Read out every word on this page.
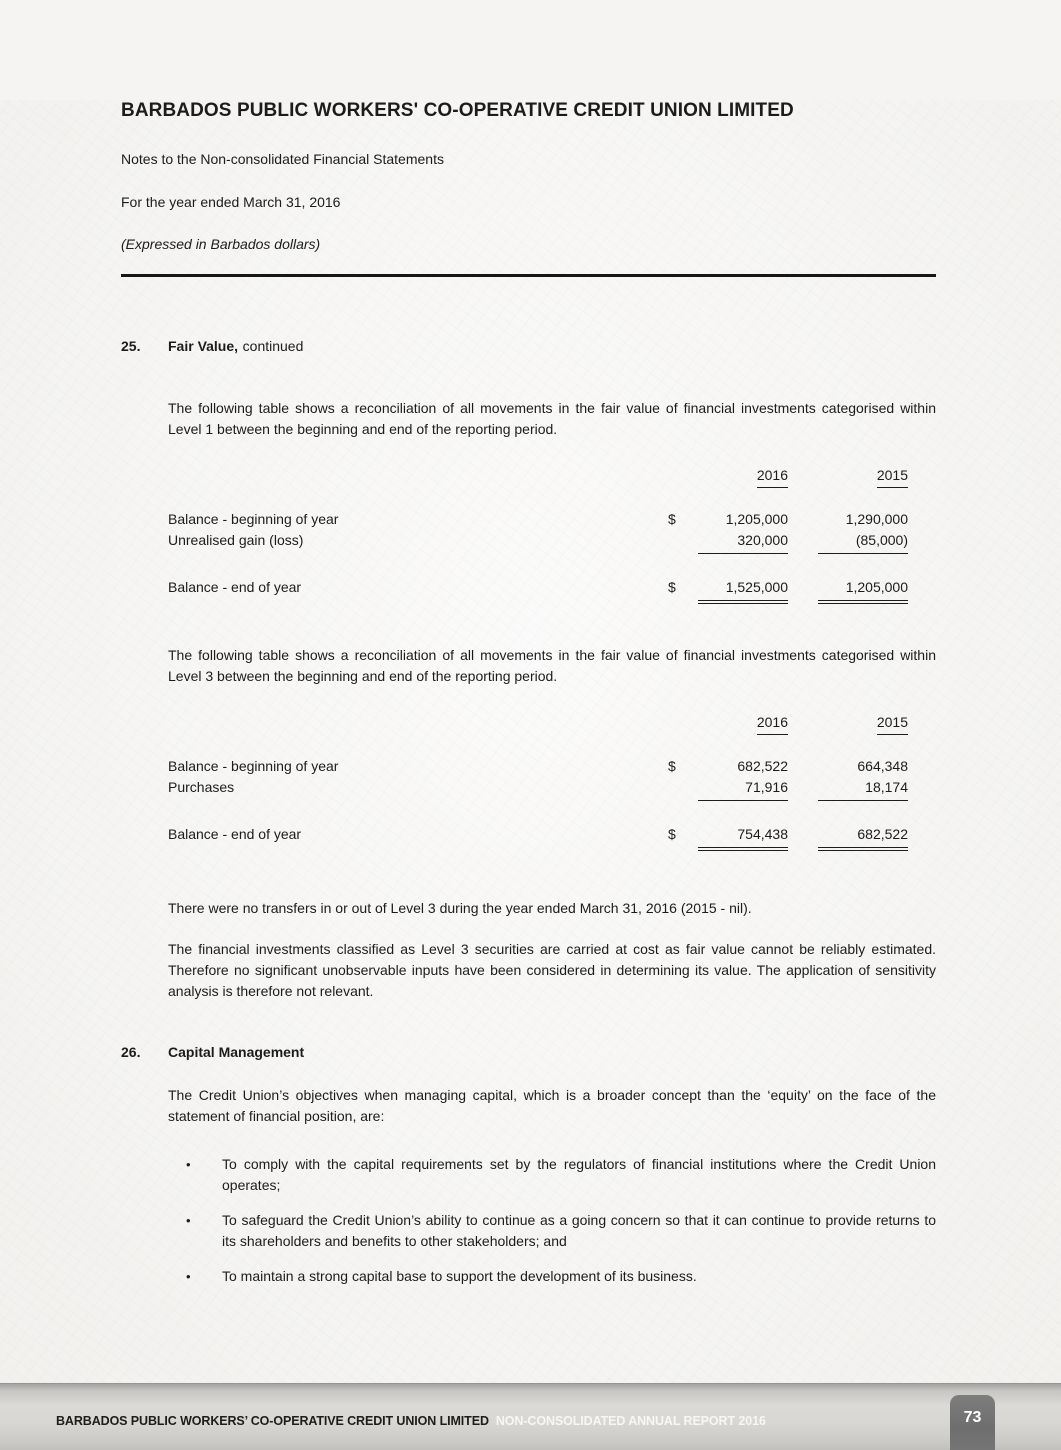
BARBADOS PUBLIC WORKERS' CO-OPERATIVE CREDIT UNION LIMITED

Notes to the Non-consolidated Financial Statements

For the year ended March 31, 2016

(Expressed in Barbados dollars)

25.	Fair Value, continued

The following table shows a reconciliation of all movements in the fair value of financial investments categorised within Level 1 between the beginning and end of the reporting period.

2016	2015
Balance - beginning of year	$	1,205,000	1,290,000
Unrealised gain (loss)	320,000	(85,000)
Balance - end of year	$	1,525,000	1,205,000

The following table shows a reconciliation of all movements in the fair value of financial investments categorised within Level 3 between the beginning and end of the reporting period.

2016	2015
Balance - beginning of year	$	682,522	664,348
Purchases	71,916	18,174
Balance - end of year	$	754,438	682,522

There were no transfers in or out of Level 3 during the year ended March 31, 2016 (2015 - nil).

The financial investments classified as Level 3 securities are carried at cost as fair value cannot be reliably estimated. Therefore no significant unobservable inputs have been considered in determining its value. The application of sensitivity analysis is therefore not relevant.

26.	Capital Management

The Credit Union’s objectives when managing capital, which is a broader concept than the ‘equity’ on the face of the statement of financial position, are:

•	To comply with the capital requirements set by the regulators of financial institutions where the Credit Union operates;
•	To safeguard the Credit Union’s ability to continue as a going concern so that it can continue to provide returns to its shareholders and benefits to other stakeholders; and
•	To maintain a strong capital base to support the development of its business.
BARBADOS PUBLIC WORKERS’ CO-OPERATIVE CREDIT UNION LIMITED NON-CONSOLIDATED ANNUAL REPORT 2016	73
